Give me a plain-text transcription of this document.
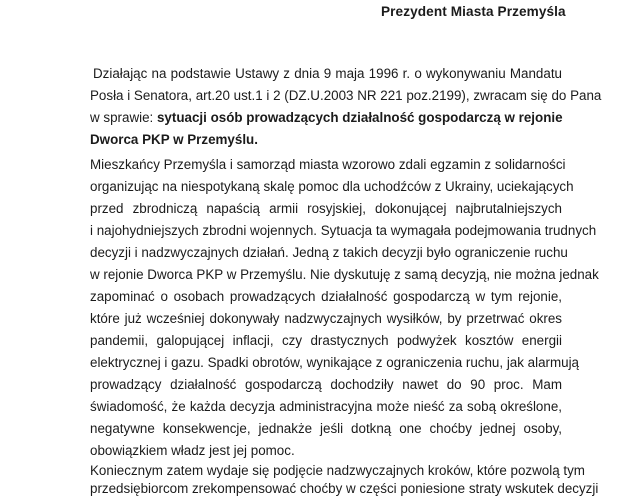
Prezydent Miasta Przemyśla
Działając na podstawie Ustawy z dnia 9 maja 1996 r. o wykonywaniu Mandatu
Posła i Senatora, art.20 ust.1 i 2 (DZ.U.2003 NR 221 poz.2199), zwracam się do Pana
w sprawie: sytuacji osób prowadzących działalność gospodarczą w rejonie
Dworca PKP w Przemyślu.
Mieszkańcy Przemyśla i samorząd miasta wzorowo zdali egzamin z solidarności
organizując na niespotykaną skalę pomoc dla uchodźców z Ukrainy, uciekających
przed zbrodniczą napaścią armii rosyjskiej, dokonującej najbrutalniejszych
i najohydniejszych zbrodni wojennych. Sytuacja ta wymagała podejmowania trudnych
decyzji i nadzwyczajnych działań. Jedną z takich decyzji było ograniczenie ruchu
w rejonie Dworca PKP w Przemyślu. Nie dyskutuję z samą decyzją, nie można jednak
zapominać o osobach prowadzących działalność gospodarczą w tym rejonie,
które już wcześniej dokonywały nadzwyczajnych wysiłków, by przetrwać okres
pandemii, galopującej inflacji, czy drastycznych podwyżek kosztów energii
elektrycznej i gazu. Spadki obrotów, wynikające z ograniczenia ruchu, jak alarmują
prowadzący działalność gospodarczą dochodziły nawet do 90 proc. Mam
świadomość, że każda decyzja administracyjna może nieść za sobą określone,
negatywne konsekwencje, jednakże jeśli dotkną one choćby jednej osoby,
obowiązkiem władz jest jej pomoc.
Koniecznym zatem wydaje się podjęcie nadzwyczajnych kroków, które pozwolą tym
przedsiębiorcom zrekompensować choćby w części poniesione straty wskutek decyzji
